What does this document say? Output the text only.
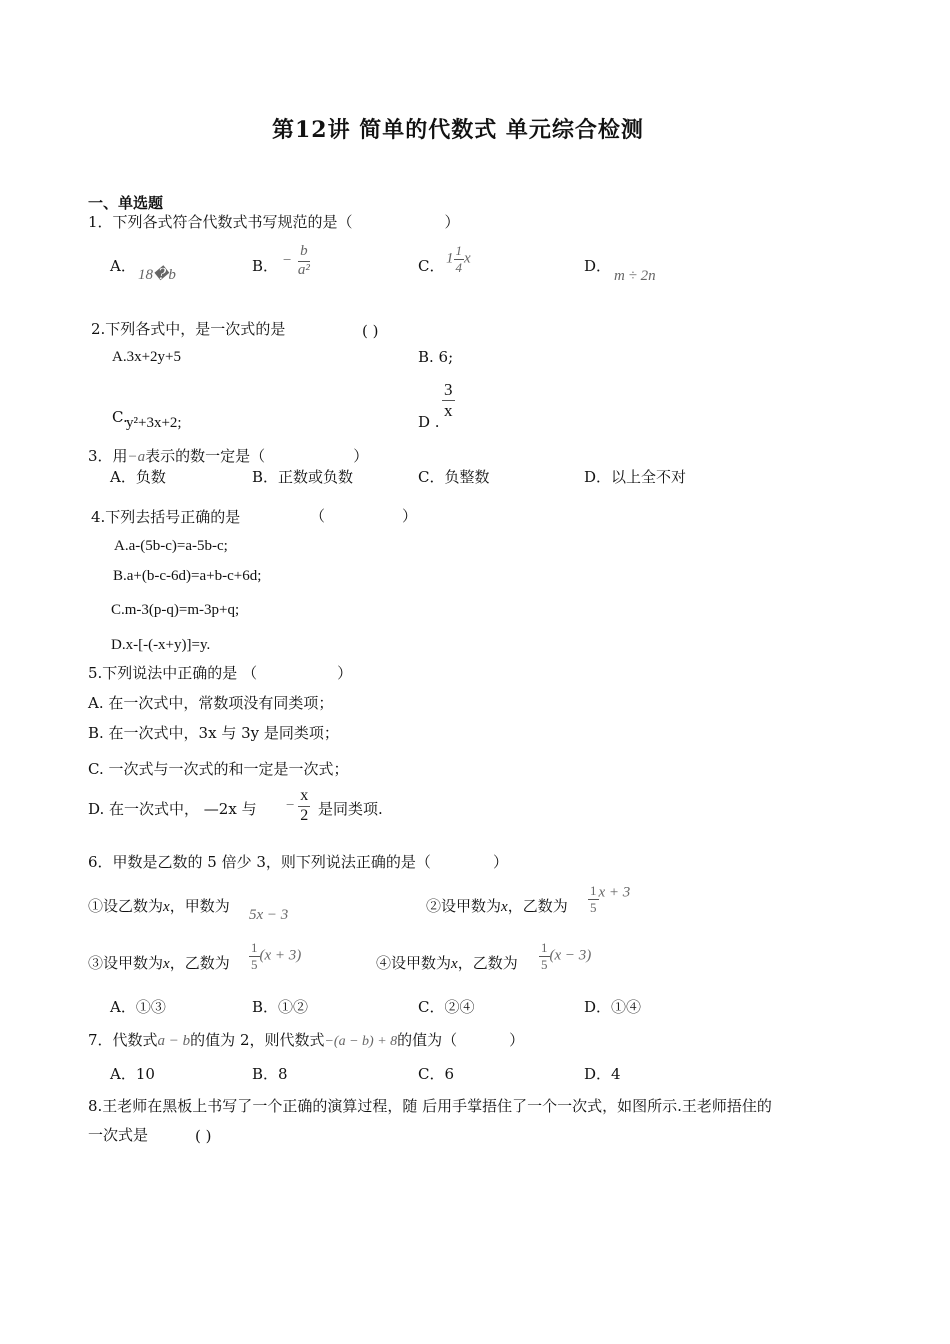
第12讲 简单的代数式 单元综合检测
一、单选题
1．下列各式符合代数式书写规范的是（	）
A． 18�b	B． − $\frac{b}{\text{a²}}$	C． $1 \frac{1}{4}$ x	D．
m ÷ 2n
2.下列各式中，是一次式的是	( )
A.3x+2y+5	B. 6;
C.
y²+3x+2;	D .
$\frac{3}{x}$
3．用−a表示的数一定是（	）
A．负数	B．正数或负数	C．负整数	D．以上全不对
4.下列去括号正确的是	（	）
A.a-(5b-c)=a-5b-c;
B.a+(b-c-6d)=a+b-c+6d;
C.m-3(p-q)=m-3p+q;
D.x-[-(-x+y)]=y.
5.下列说法中正确的是 （	）
A. 在一次式中，常数项没有同类项；
B. 在一次式中，3x 与 3y 是同类项；
C. 一次式与一次式的和一定是一次式；
D. 在一次式中， —2x 与 − $\frac{x}{2}$ 是同类项.
6．甲数是乙数的 5 倍少 3，则下列说法正确的是（	）
①设乙数为x，甲数为 5x − 3	②设甲数为x，乙数为 $\frac{1}{5}$ x + 3
③设甲数为x，乙数为 $\frac{1}{5} (x + 3)$	④设甲数为x，乙数为 $\frac{1}{5} (x - 3)$
A．①③	B．①②	C．②④	D．①④
7．代数式a − b的值为 2，则代数式−(a − b) + 8的值为（	）
A．10	B．8	C．6	D．4
8.王老师在黑板上书写了一个正确的演算过程，随 后用手掌捂住了一个一次式，如图所示.王老师捂住的
一次式是	( )
